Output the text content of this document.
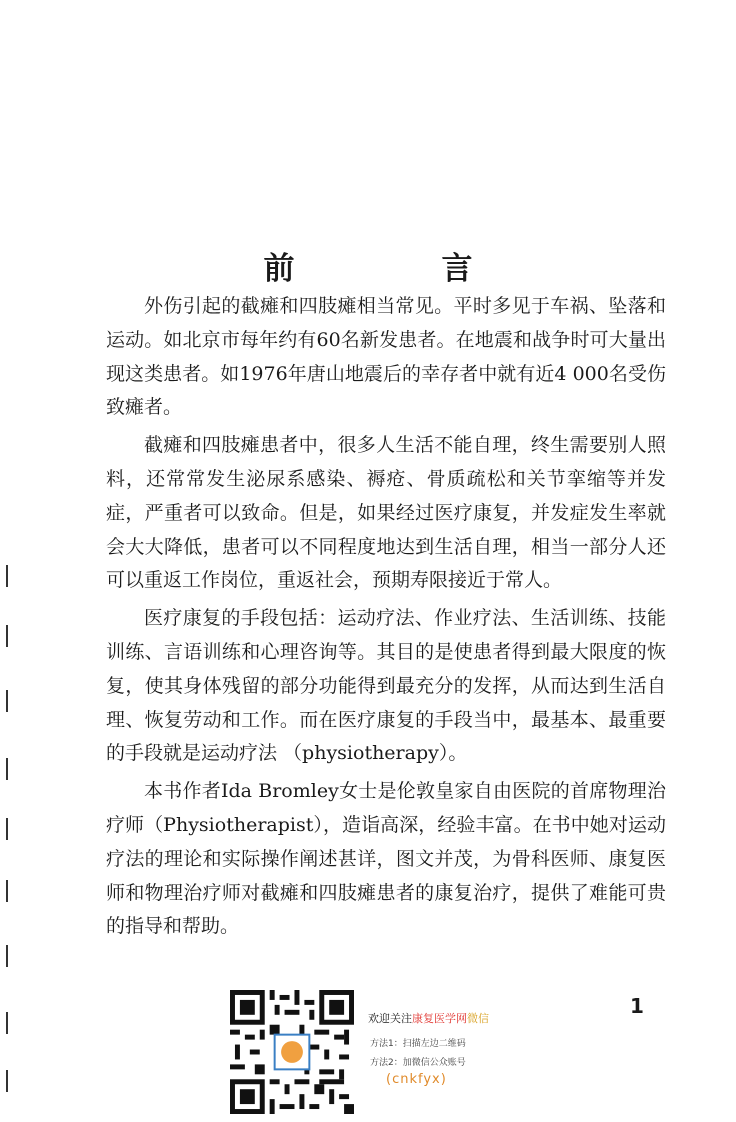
前　言

外伤引起的截瘫和四肢瘫相当常见。平时多见于车祸、坠落和运动。如北京市每年约有60名新发患者。在地震和战争时可大量出现这类患者。如1976年唐山地震后的幸存者中就有近4 000名受伤致瘫者。

截瘫和四肢瘫患者中，很多人生活不能自理，终生需要别人照料，还常常发生泌尿系感染、褥疮、骨质疏松和关节挛缩等并发症，严重者可以致命。但是，如果经过医疗康复，并发症发生率就会大大降低，患者可以不同程度地达到生活自理，相当一部分人还可以重返工作岗位，重返社会，预期寿限接近于常人。

医疗康复的手段包括：运动疗法、作业疗法、生活训练、技能训练、言语训练和心理咨询等。其目的是使患者得到最大限度的恢复，使其身体残留的部分功能得到最充分的发挥，从而达到生活自理、恢复劳动和工作。而在医疗康复的手段当中，最基本、最重要的手段就是运动疗法 （physiotherapy）。

本书作者Ida Bromley女士是伦敦皇家自由医院的首席物理治疗师（Physiotherapist），造诣高深，经验丰富。在书中她对运动疗法的理论和实际操作阐述甚详，图文并茂，为骨科医师、康复医师和物理治疗师对截瘫和四肢瘫患者的康复治疗，提供了难能可贵的指导和帮助。

1
欢迎关注康复医学网微信
方法1：扫描左边二维码
方法2：加微信公众账号
(cnkfyx)
